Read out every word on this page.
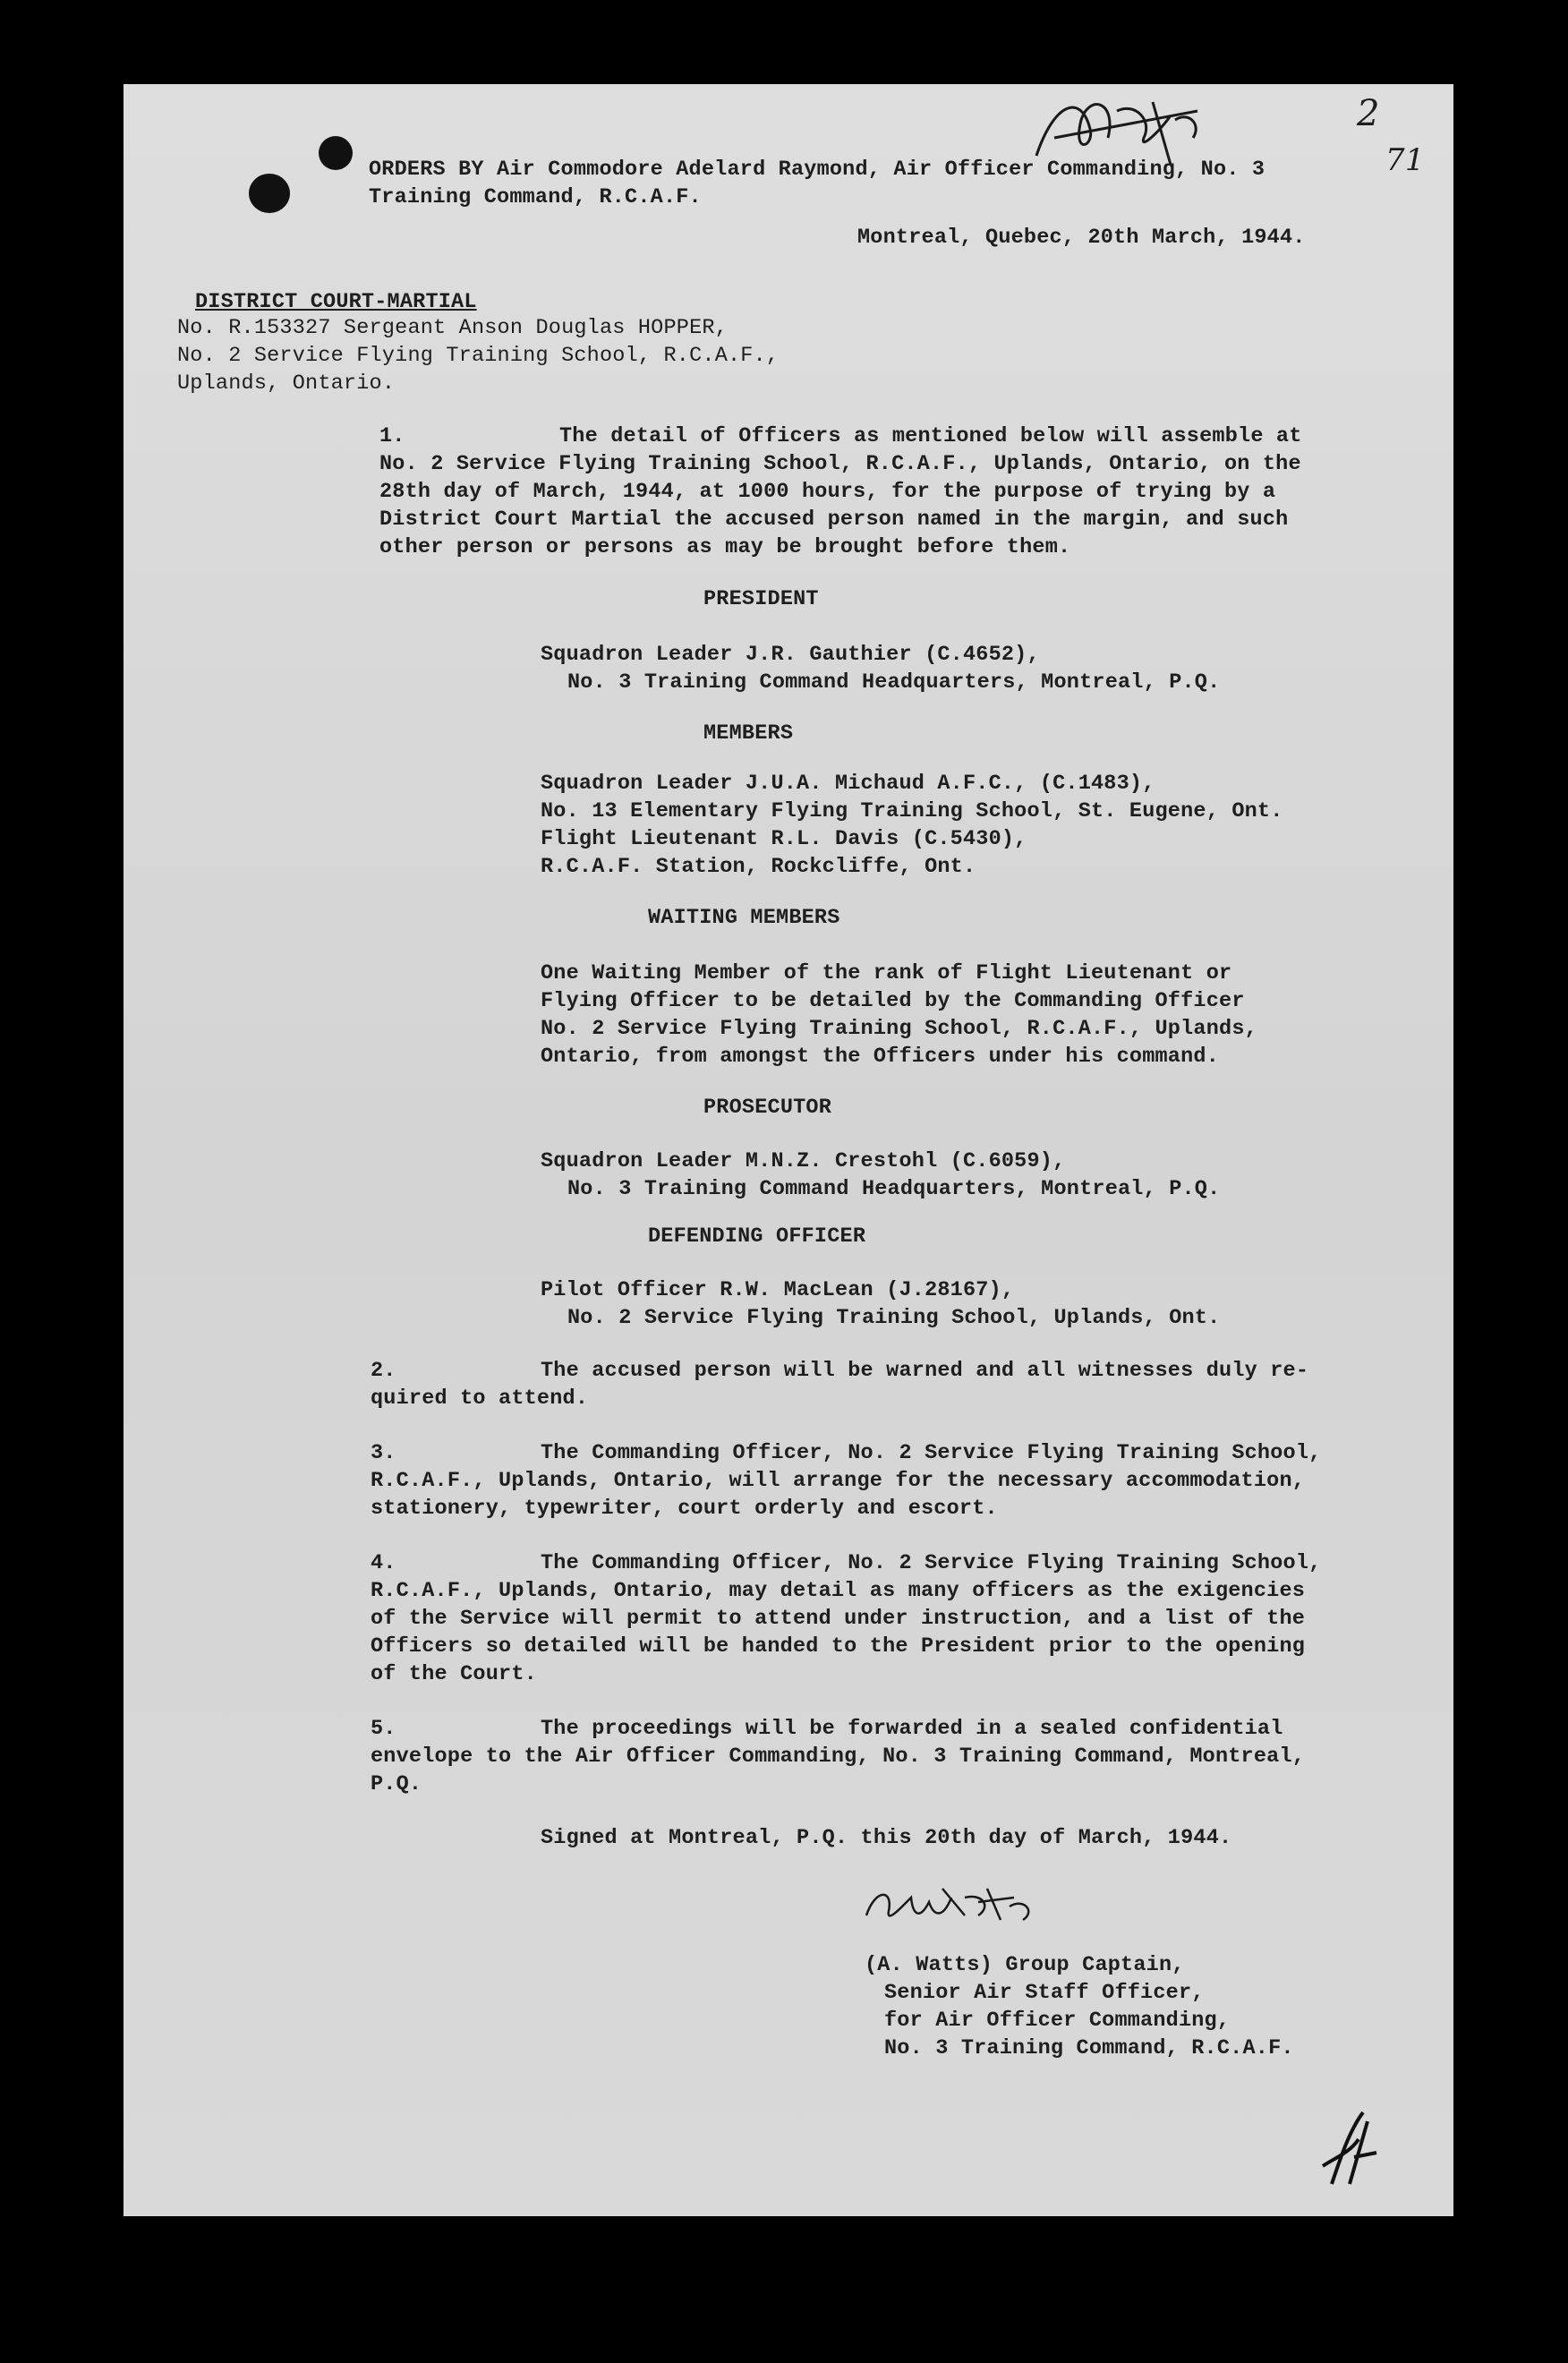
2
71
ORDERS BY Air Commodore Adelard Raymond, Air Officer Commanding, No. 3
Training Command, R.C.A.F.
Montreal, Quebec, 20th March, 1944.
DISTRICT COURT-MARTIAL
No. R.153327 Sergeant Anson Douglas HOPPER,
No. 2 Service Flying Training School, R.C.A.F.,
Uplands, Ontario.
1.	The detail of Officers as mentioned below will assemble at
No. 2 Service Flying Training School, R.C.A.F., Uplands, Ontario, on the
28th day of March, 1944, at 1000 hours, for the purpose of trying by a
District Court Martial the accused person named in the margin, and such
other person or persons as may be brought before them.
PRESIDENT
Squadron Leader J.R. Gauthier (C.4652),
No. 3 Training Command Headquarters, Montreal, P.Q.
MEMBERS
Squadron Leader J.U.A. Michaud A.F.C., (C.1483),
No. 13 Elementary Flying Training School, St. Eugene, Ont.
Flight Lieutenant R.L. Davis (C.5430),
R.C.A.F. Station, Rockcliffe, Ont.
WAITING MEMBERS
One Waiting Member of the rank of Flight Lieutenant or
Flying Officer to be detailed by the Commanding Officer
No. 2 Service Flying Training School, R.C.A.F., Uplands,
Ontario, from amongst the Officers under his command.
PROSECUTOR
Squadron Leader M.N.Z. Crestohl (C.6059),
No. 3 Training Command Headquarters, Montreal, P.Q.
DEFENDING OFFICER
Pilot Officer R.W. MacLean (J.28167),
No. 2 Service Flying Training School, Uplands, Ont.
2.	The accused person will be warned and all witnesses duly re-
quired to attend.
3.	The Commanding Officer, No. 2 Service Flying Training School,
R.C.A.F., Uplands, Ontario, will arrange for the necessary accommodation,
stationery, typewriter, court orderly and escort.
4.	The Commanding Officer, No. 2 Service Flying Training School,
R.C.A.F., Uplands, Ontario, may detail as many officers as the exigencies
of the Service will permit to attend under instruction, and a list of the
Officers so detailed will be handed to the President prior to the opening
of the Court.
5.	The proceedings will be forwarded in a sealed confidential
envelope to the Air Officer Commanding, No. 3 Training Command, Montreal,
P.Q.
Signed at Montreal, P.Q. this 20th day of March, 1944.
(A. Watts) Group Captain,
Senior Air Staff Officer,
for Air Officer Commanding,
No. 3 Training Command, R.C.A.F.
